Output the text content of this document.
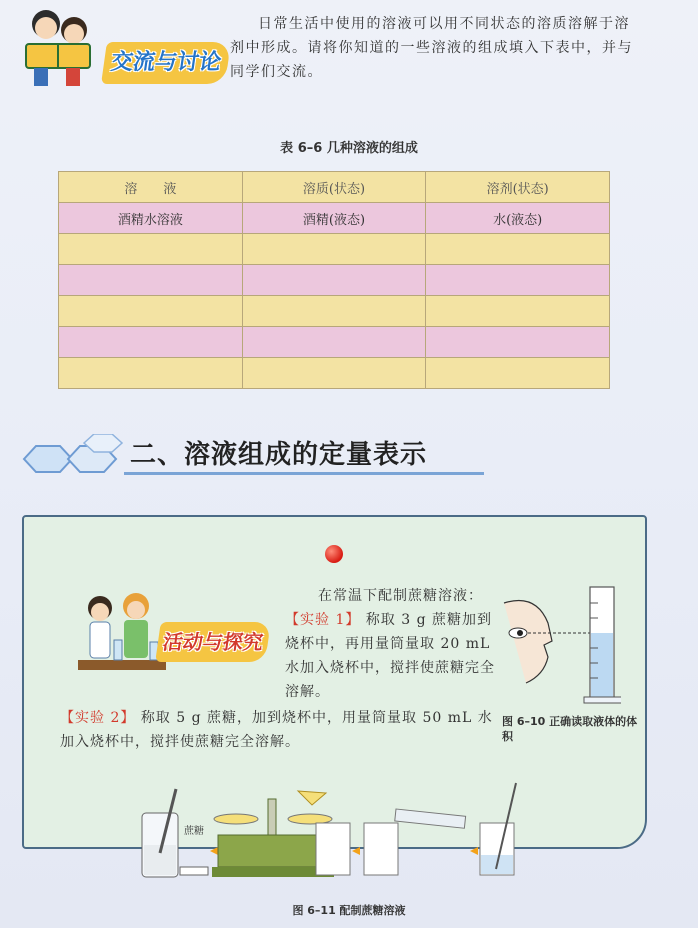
交流与讨论

日常生活中使用的溶液可以用不同状态的溶质溶解于溶剂中形成。请将你知道的一些溶液的组成填入下表中，并与同学们交流。

表 6–6 几种溶液的组成
溶　　液	溶质(状态)	溶剂(状态)
酒精水溶液	酒精(液态)	水(液态)

二、溶液组成的定量表示
活动与探究
在常温下配制蔗糖溶液：
【实验 1】 称取 3 g 蔗糖加到烧杯中，再用量筒量取 20 mL 水加入烧杯中，搅拌使蔗糖完全溶解。
【实验 2】 称取 5 g 蔗糖，加到烧杯中，用量筒量取 50 mL 水加入烧杯中，搅拌使蔗糖完全溶解。
图 6–10 正确读取液体的体积
蔗糖
图 6–11 配制蔗糖溶液
